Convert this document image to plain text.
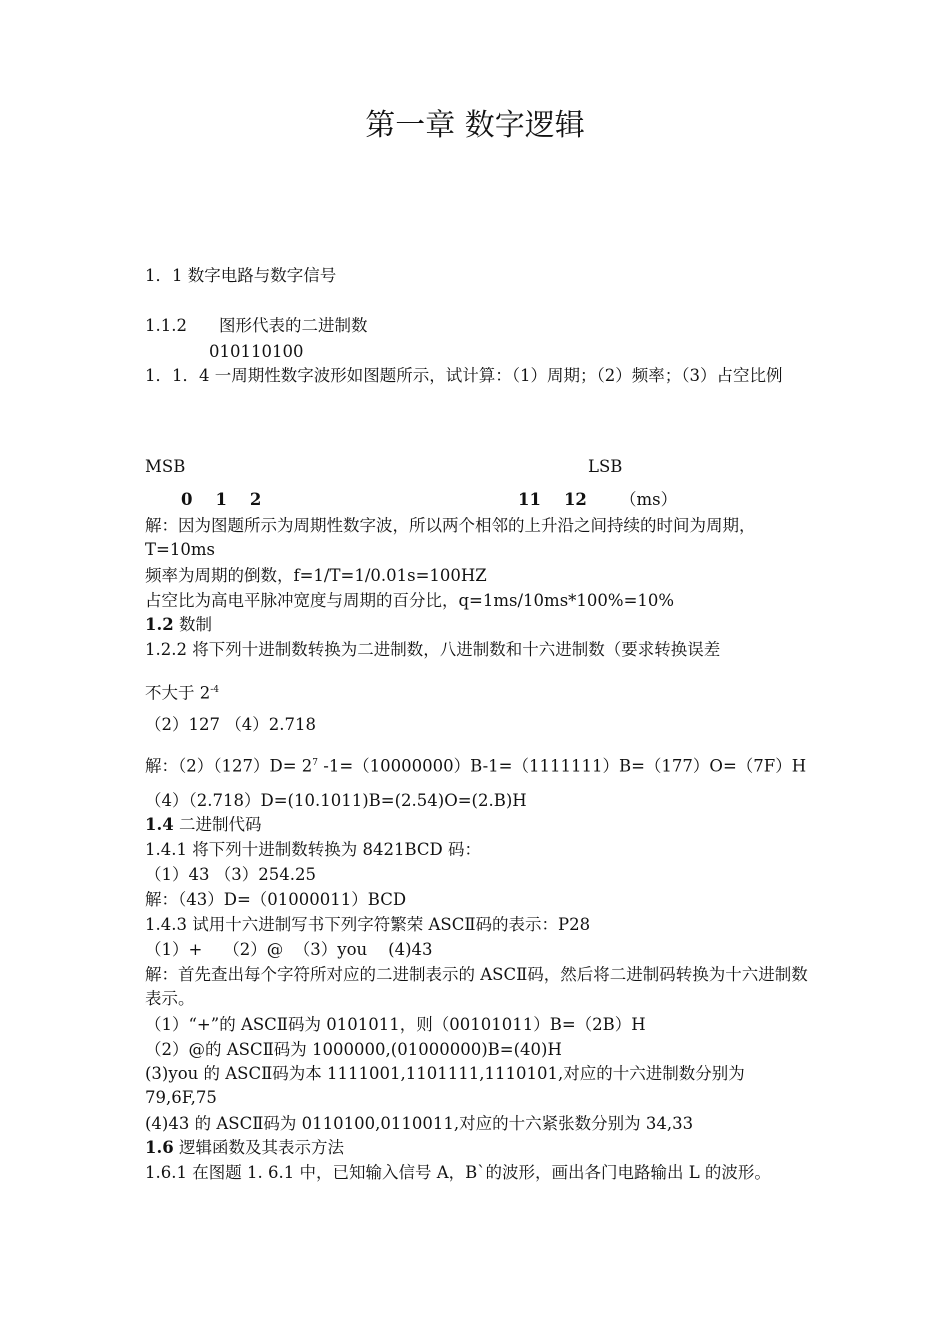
第一章 数字逻辑
1．1 数字电路与数字信号
1.1.2 图形代表的二进制数
010110100
1．1．4 一周期性数字波形如图题所示，试计算：（1）周期；（2）频率；（3）占空比例
MSB	LSB
0    1    2	11    12 （ms）
解：因为图题所示为周期性数字波，所以两个相邻的上升沿之间持续的时间为周期，T=10ms
频率为周期的倒数，f=1/T=1/0.01s=100HZ
占空比为高电平脉冲宽度与周期的百分比，q=1ms/10ms*100%=10%
1.2 数制
1.2.2 将下列十进制数转换为二进制数，八进制数和十六进制数（要求转换误差
不大于 $2^{-4}$
（2）127 （4）2.718
解：$(2)(127)D= 2^7$ -1=（10000000）B-1=（1111111）B=（177）O=（7F）H
（4）（2.718）D=(10.1011)B=(2.54)O=(2.B)H
1.4 二进制代码
1.4.1 将下列十进制数转换为 8421BCD 码：
（1）43 （3）254.25
解：（43）D=（01000011）BCD
1.4.3 试用十六进制写书下列字符繁荣 ASCⅡ码的表示：P28
（1）+    （2）@  （3）you    (4)43
解：首先查出每个字符所对应的二进制表示的 ASCⅡ码，然后将二进制码转换为十六进制数表示。
（1）“+”的 ASCⅡ码为 0101011，则（00101011）B=（2B）H
（2）@的 ASCⅡ码为 1000000,(01000000)B=(40)H
(3)you 的 ASCⅡ码为本 1111001,1101111,1110101,对应的十六进制数分别为 79,6F,75
(4)43 的 ASCⅡ码为 0110100,0110011,对应的十六紧张数分别为 34,33
1.6 逻辑函数及其表示方法
1.6.1 在图题 1. 6.1 中，已知输入信号 A，B`的波形，画出各门电路输出 L 的波形。
